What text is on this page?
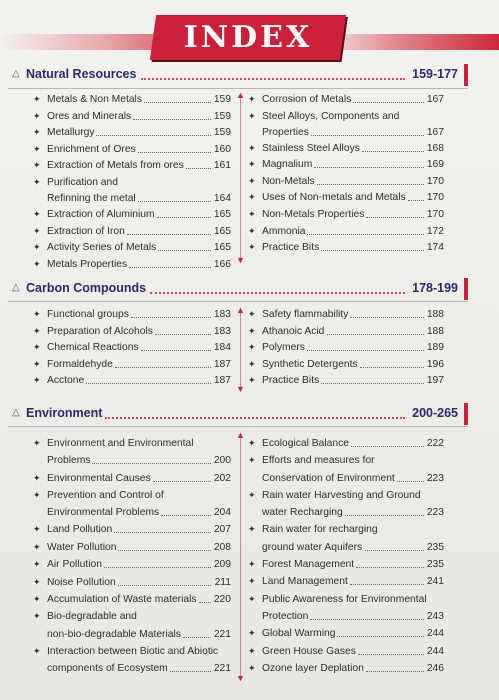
INDEX
△ Natural Resources	159-177
▲
▼
✦ Metals & Non Metals	159
✦ Ores and Minerals	159
✦ Metallurgy	159
✦ Enrichment of Ores	160
✦ Extraction of Metals from ores	161
✦ Purification and
Refinning the metal	164
✦ Extraction of Aluminium	165
✦ Extraction of Iron	165
✦ Activity Series of Metals	165
✦ Metals Properties	166
✦ Corrosion of Metals	167
✦ Steel Alloys, Components and
Properties	167
✦ Stainless Steel Alloys	168
✦ Magnalium	169
✦ Non-Metals	170
✦ Uses of Non-metals and Metals 170
✦ Non-Metals Properties	170
✦ Ammonia	172
✦ Practice Bits	174
△ Carbon Compounds	178-199
▲
▼
✦ Functional groups	183
✦ Preparation of Alcohols	183
✦ Chemical Reactions	184
✦ Formaldehyde	187
✦ Acctone	187
✦ Safety flammability	188
✦ Athanoic Acid	188
✦ Polymers	189
✦ Synthetic Detergents	196
✦ Practice Bits	197
△ Environment	200-265
▲
▼
✦ Environment and Environmental
Problems	200
✦ Environmental Causes	202
✦ Prevention and Control of
Environmental Problems	204
✦ Land Pollution	207
✦ Water Pollution	208
✦ Air Pollution	209
✦ Noise Pollution	211
✦ Accumulation of Waste materials 220
✦ Bio-degradable and
non-bio-degradable Materials	221
✦ Interaction between Biotic and Abiotic
components of Ecosystem	221
✦ Ecological Balance	222
✦ Efforts and measures for
Conservation of Environment	223
✦ Rain water Harvesting and Ground
water Recharging	223
✦ Rain water for recharging
ground water Aquifers	235
✦ Forest Management	235
✦ Land Management	241
✦ Public Awareness for Environmental
Protection	243
✦ Global Warming	244
✦ Green House Gases	244
✦ Ozone layer Deplation	246
